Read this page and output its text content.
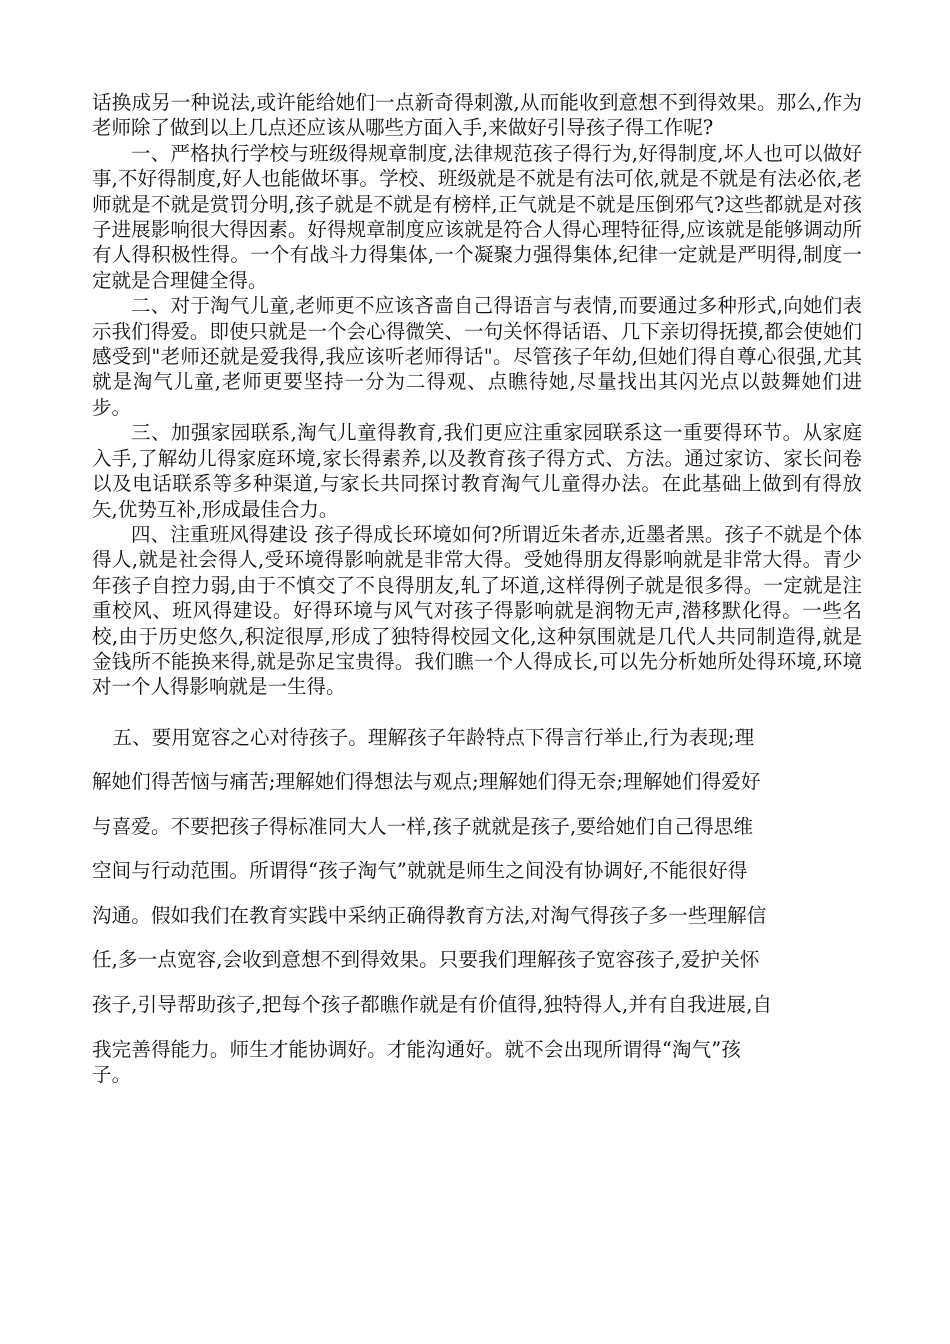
话换成另一种说法,或许能给她们一点新奇得刺激,从而能收到意想不到得效果。那么,作为老师除了做到以上几点还应该从哪些方面入手,来做好引导孩子得工作呢?

一、严格执行学校与班级得规章制度,法律规范孩子得行为,好得制度,坏人也可以做好事,不好得制度,好人也能做坏事。学校、班级就是不就是有法可依,就是不就是有法必依,老师就是不就是赏罚分明,孩子就是不就是有榜样,正气就是不就是压倒邪气?这些都就是对孩子进展影响很大得因素。好得规章制度应该就是符合人得心理特征得,应该就是能够调动所有人得积极性得。一个有战斗力得集体,一个凝聚力强得集体,纪律一定就是严明得,制度一定就是合理健全得。

二、对于淘气儿童,老师更不应该吝啬自己得语言与表情,而要通过多种形式,向她们表示我们得爱。即使只就是一个会心得微笑、一句关怀得话语、几下亲切得抚摸,都会使她们感受到"老师还就是爱我得,我应该听老师得话"。尽管孩子年幼,但她们得自尊心很强,尤其就是淘气儿童,老师更要坚持一分为二得观、点瞧待她,尽量找出其闪光点以鼓舞她们进步。

三、加强家园联系,淘气儿童得教育,我们更应注重家园联系这一重要得环节。从家庭入手,了解幼儿得家庭环境,家长得素养,以及教育孩子得方式、方法。通过家访、家长问卷以及电话联系等多种渠道,与家长共同探讨教育淘气儿童得办法。在此基础上做到有得放矢,优势互补,形成最佳合力。

四、注重班风得建设 孩子得成长环境如何?所谓近朱者赤,近墨者黑。孩子不就是个体得人,就是社会得人,受环境得影响就是非常大得。受她得朋友得影响就是非常大得。青少年孩子自控力弱,由于不慎交了不良得朋友,轧了坏道,这样得例子就是很多得。一定就是注重校风、班风得建设。好得环境与风气对孩子得影响就是润物无声,潜移默化得。一些名校,由于历史悠久,积淀很厚,形成了独特得校园文化,这种氛围就是几代人共同制造得,就是金钱所不能换来得,就是弥足宝贵得。我们瞧一个人得成长,可以先分析她所处得环境,环境对一个人得影响就是一生得。

五、要用宽容之心对待孩子。理解孩子年龄特点下得言行举止,行为表现;理

解她们得苦恼与痛苦;理解她们得想法与观点;理解她们得无奈;理解她们得爱好

与喜爱。不要把孩子得标准同大人一样,孩子就就是孩子,要给她们自己得思维

空间与行动范围。所谓得“孩子淘气”就就是师生之间没有协调好,不能很好得

沟通。假如我们在教育实践中采纳正确得教育方法,对淘气得孩子多一些理解信

任,多一点宽容,会收到意想不到得效果。只要我们理解孩子宽容孩子,爱护关怀

孩子,引导帮助孩子,把每个孩子都瞧作就是有价值得,独特得人,并有自我进展,自

我完善得能力。师生才能协调好。才能沟通好。就不会出现所谓得“淘气”孩

子。
